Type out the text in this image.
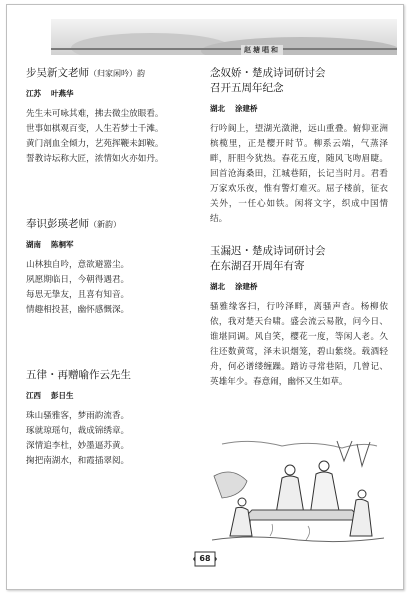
赵塘唱和
步吴新文老师（归家闲吟）韵
江苏 叶燕华
先生未可咏其难，拂去微尘放眼看。
世事如棋观百变，人生若梦士千滩。
黄门剖血全倾力，艺苑挥鞭未卸鞍。
誓教诗坛称大匠，浓情如火亦如丹。
奉识彭瑛老师（新韵）
湖南 陈桐军
山林独自吟，意欲避嚣尘。
夙愿期临日，今朝得遇君。
每思无挚友，且喜有知音。
情趣相投甚，幽怀感慨深。
五律・再赠喻作云先生
江西 彭日生
珠山骚雅客，梦雨韵流香。
琢就琼瑶句，裁成锦绣章。
深情追李杜，妙墨逼苏黄。
掬把南湖水，和霞插翠阅。
念奴娇・楚成诗词研讨会
召开五周年纪念
湖北 涂建桥
行吟阆上，望湖光潋滟，远山重叠。俯仰亚洲槟榄里，正是樱开时节。柳系云端，气蒸泽畔，肝胆今犹热。春花五度，随风飞吻眉睫。回首沧海桑田，江城巷陌，长记当时月。君看万家欢乐夜，惟有警灯难灭。屈子楼前，征衣关外，一任心如铁。闲将文字，织成中国情结。
玉漏迟・楚成诗词研讨会
在东湖召开周年有寄
湖北 涂建桥
骚雅缘客扫，行吟泽畔，离骚声杳。杨柳依依，我对楚天台啸。盛会流云易散，问今日、谁堪同调。风自笑，樱花一度，等闲人老。久往还数黄莺，泽未识烟笼，碧山紫绕。载酒轻舟，何必谱缕缠躁。踏访寻常巷陌，几曾记、英雄年少。春意闹，幽怀又生如草。
68
